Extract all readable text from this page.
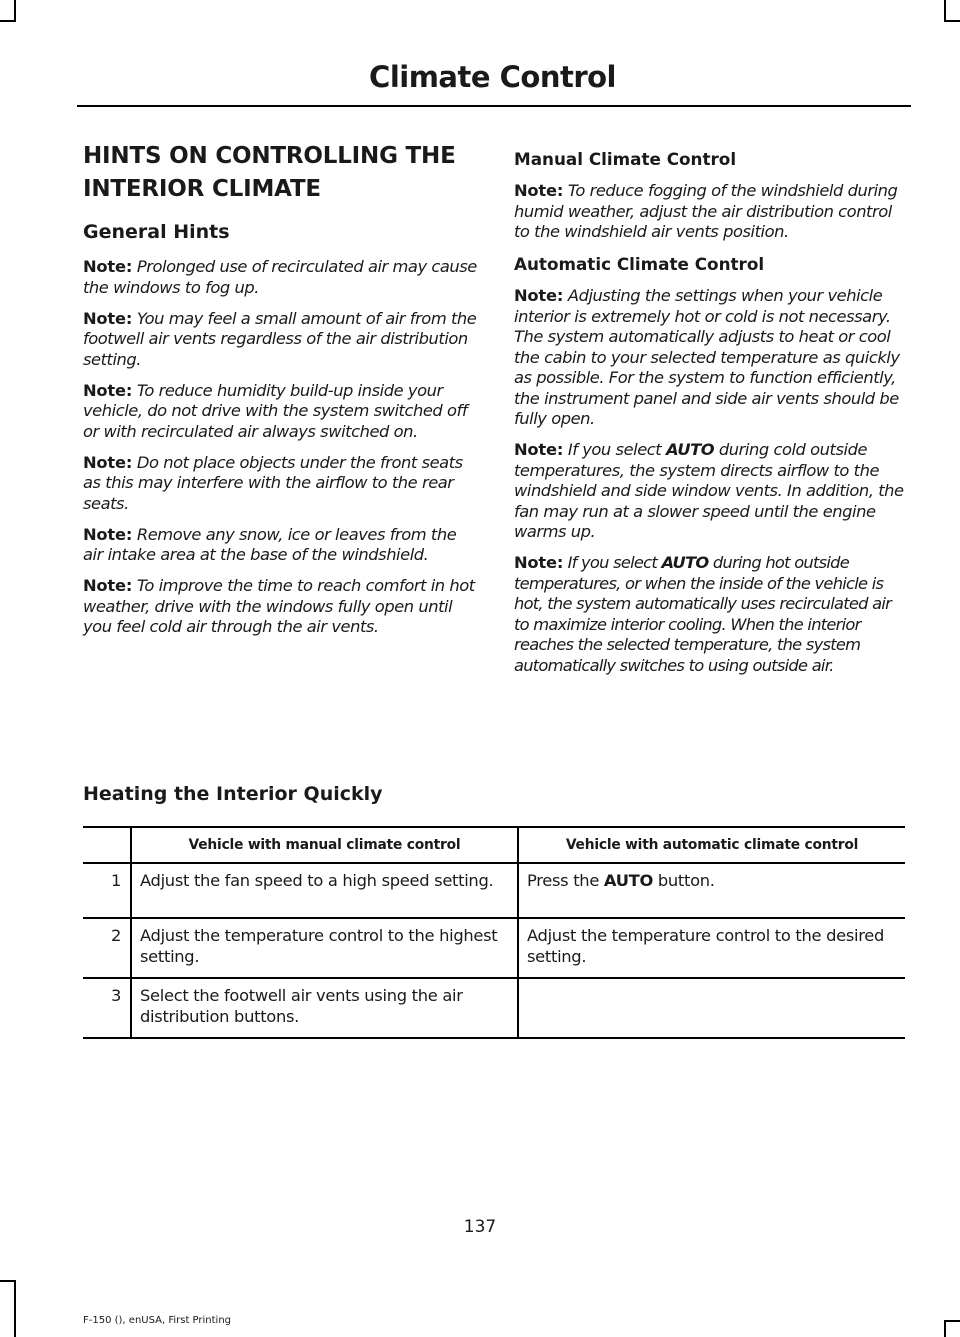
Climate Control
HINTS ON CONTROLLING THE
INTERIOR CLIMATE
General Hints

Note: Prolonged use of recirculated air may cause the windows to fog up.

Note: You may feel a small amount of air from the footwell air vents regardless of the air distribution setting.

Note: To reduce humidity build-up inside your vehicle, do not drive with the system switched off or with recirculated air always switched on.

Note: Do not place objects under the front seats as this may interfere with the airflow to the rear seats.

Note: Remove any snow, ice or leaves from the air intake area at the base of the windshield.

Note: To improve the time to reach comfort in hot weather, drive with the windows fully open until you feel cold air through the air vents.

Manual Climate Control

Note: To reduce fogging of the windshield during humid weather, adjust the air distribution control to the windshield air vents position.

Automatic Climate Control

Note: Adjusting the settings when your vehicle interior is extremely hot or cold is not necessary. The system automatically adjusts to heat or cool the cabin to your selected temperature as quickly as possible. For the system to function efficiently, the instrument panel and side air vents should be fully open.

Note: If you select AUTO during cold outside temperatures, the system directs airflow to the windshield and side window vents. In addition, the fan may run at a slower speed until the engine warms up.

Note: If you select AUTO during hot outside temperatures, or when the inside of the vehicle is hot, the system automatically uses recirculated air to maximize interior cooling. When the interior reaches the selected temperature, the system automatically switches to using outside air.

Heating the Interior Quickly
	Vehicle with manual climate control	Vehicle with automatic climate control
1	Adjust the fan speed to a high speed setting.	Press the AUTO button.
2	Adjust the temperature control to the highest setting.	Adjust the temperature control to the desired setting.
3	Select the footwell air vents using the air distribution buttons.	
137
F-150 (), enUSA, First Printing
